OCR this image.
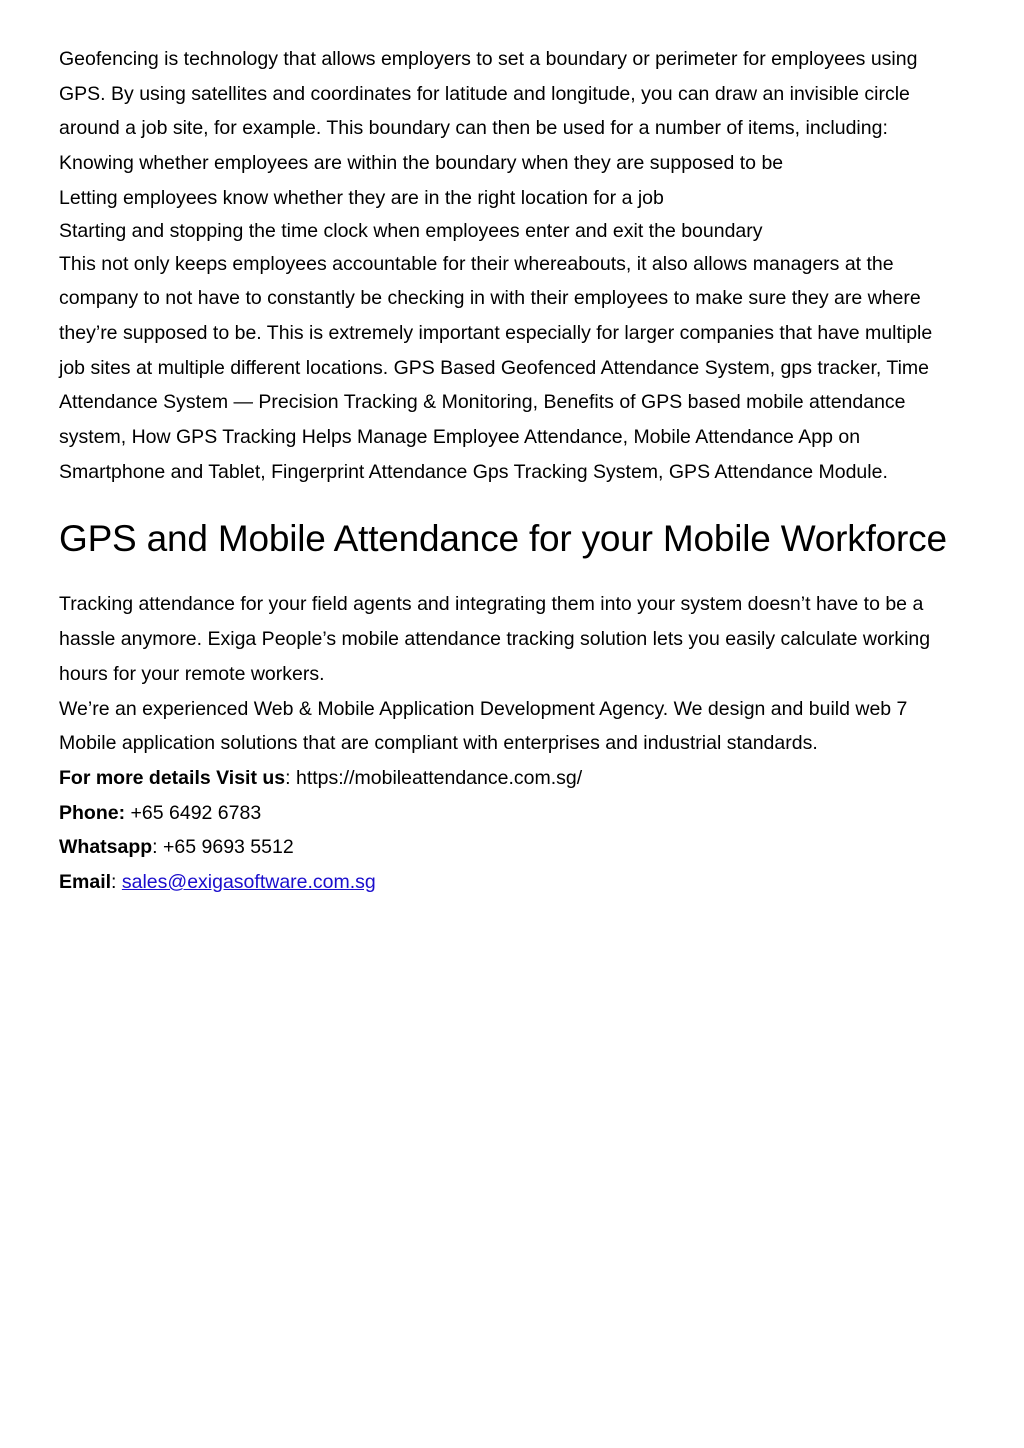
Geofencing is technology that allows employers to set a boundary or perimeter for employees using GPS. By using satellites and coordinates for latitude and longitude, you can draw an invisible circle around a job site, for example. This boundary can then be used for a number of items, including:

Knowing whether employees are within the boundary when they are supposed to be

Letting employees know whether they are in the right location for a job

Starting and stopping the time clock when employees enter and exit the boundary

This not only keeps employees accountable for their whereabouts, it also allows managers at the company to not have to constantly be checking in with their employees to make sure they are where they’re supposed to be. This is extremely important especially for larger companies that have multiple job sites at multiple different locations. GPS Based Geofenced Attendance System, gps tracker, Time Attendance System — Precision Tracking & Monitoring, Benefits of GPS based mobile attendance system, How GPS Tracking Helps Manage Employee Attendance, Mobile Attendance App on Smartphone and Tablet, Fingerprint Attendance Gps Tracking System, GPS Attendance Module.

GPS and Mobile Attendance for your Mobile Workforce

Tracking attendance for your field agents and integrating them into your system doesn’t have to be a hassle anymore. Exiga People’s mobile attendance tracking solution lets you easily calculate working hours for your remote workers.

We’re an experienced Web & Mobile Application Development Agency. We design and build web 7 Mobile application solutions that are compliant with enterprises and industrial standards.

For more details Visit us: https://mobileattendance.com.sg/

Phone: +65 6492 6783

Whatsapp: +65 9693 5512

Email: sales@exigasoftware.com.sg
